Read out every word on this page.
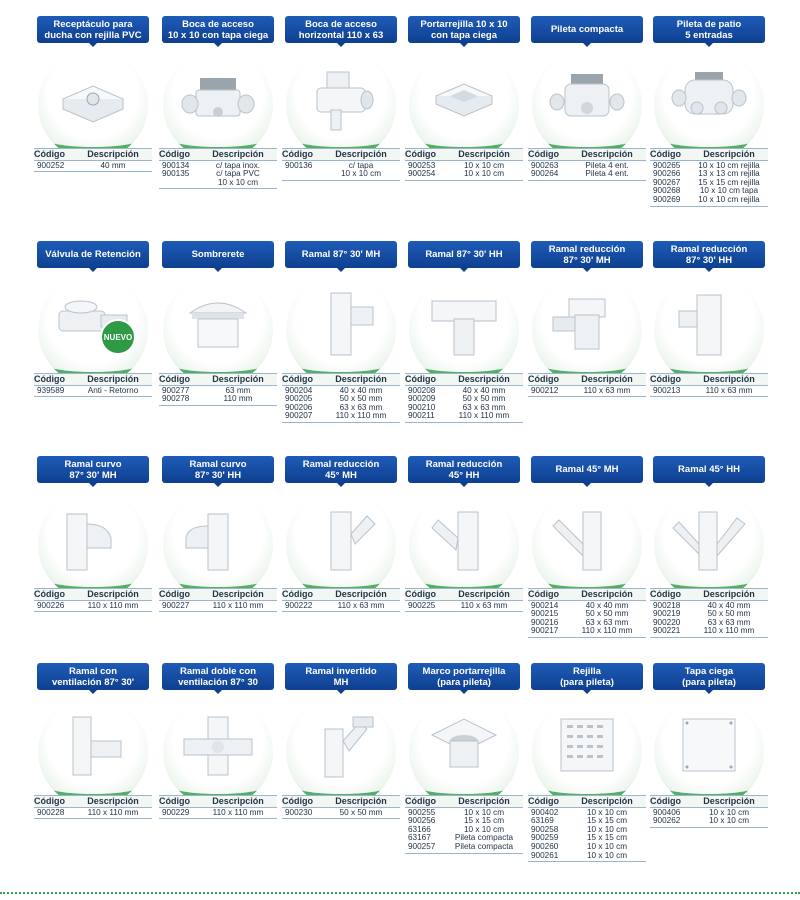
Receptáculo para
ducha con rejilla PVC
Código	Descripción
900252	40 mm
Boca de acceso
10 x 10 con tapa ciega
Código	Descripción
900134	c/ tapa inox.
900135	c/ tapa PVC
10 x 10 cm
Boca de acceso
horizontal 110 x 63
Código	Descripción
900136	c/ tapa
10 x 10 cm
Portarrejilla 10 x 10
con tapa ciega
Código	Descripción
900253	10 x 10 cm
900254	10 x 10 cm
Pileta compacta
Código	Descripción
900263	Pileta 4 ent.
900264	Pileta 4 ent.
Pileta de patio
5 entradas
Código	Descripción
900265	10 x 10 cm rejilla
900266	13 x 13 cm rejilla
900267	15 x 15 cm rejilla
900268	10 x 10 cm tapa
900269	10 x 10 cm rejilla
Válvula de Retención
NUEVO
Código	Descripción
939589	Anti - Retorno
Sombrerete
Código	Descripción
900277	63 mm
900278	110 mm
Ramal 87° 30' MH
Código	Descripción
900204	40 x 40 mm
900205	50 x 50 mm
900206	63 x 63 mm
900207	110 x 110 mm
Ramal 87° 30' HH
Código	Descripción
900208	40 x 40 mm
900209	50 x 50 mm
900210	63 x 63 mm
900211	110 x 110 mm
Ramal reducción
87° 30' MH
Código	Descripción
900212	110 x 63 mm
Ramal reducción
87° 30' HH
Código	Descripción
900213	110 x 63 mm
Ramal curvo
87° 30' MH
Código	Descripción
900226	110 x 110 mm
Ramal curvo
87° 30' HH
Código	Descripción
900227	110 x 110 mm
Ramal reducción
45° MH
Código	Descripción
900222	110 x 63 mm
Ramal reducción
45° HH
Código	Descripción
900225	110 x 63 mm
Ramal 45° MH
Código	Descripción
900214	40 x 40 mm
900215	50 x 50 mm
900216	63 x 63 mm
900217	110 x 110 mm
Ramal 45° HH
Código	Descripción
900218	40 x 40 mm
900219	50 x 50 mm
900220	63 x 63 mm
900221	110 x 110 mm
Ramal con
ventilación 87° 30'
Código	Descripción
900228	110 x 110 mm
Ramal doble con
ventilación 87° 30
Código	Descripción
900229	110 x 110 mm
Ramal invertido
MH
Código	Descripción
900230	50 x 50 mm
Marco portarrejilla
(para pileta)
Código	Descripción
900255	10 x 10 cm
900256	15 x 15 cm
63166	10 x 10 cm
63167	Pileta compacta
900257	Pileta compacta
Rejilla
(para pileta)
Código	Descripción
900402	10 x 10 cm
63169	15 x 15 cm
900258	10 x 10 cm
900259	15 x 15 cm
900260	10 x 10 cm
900261	10 x 10 cm
Tapa ciega
(para pileta)
Código	Descripción
900406	10 x 10 cm
900262	10 x 10 cm
